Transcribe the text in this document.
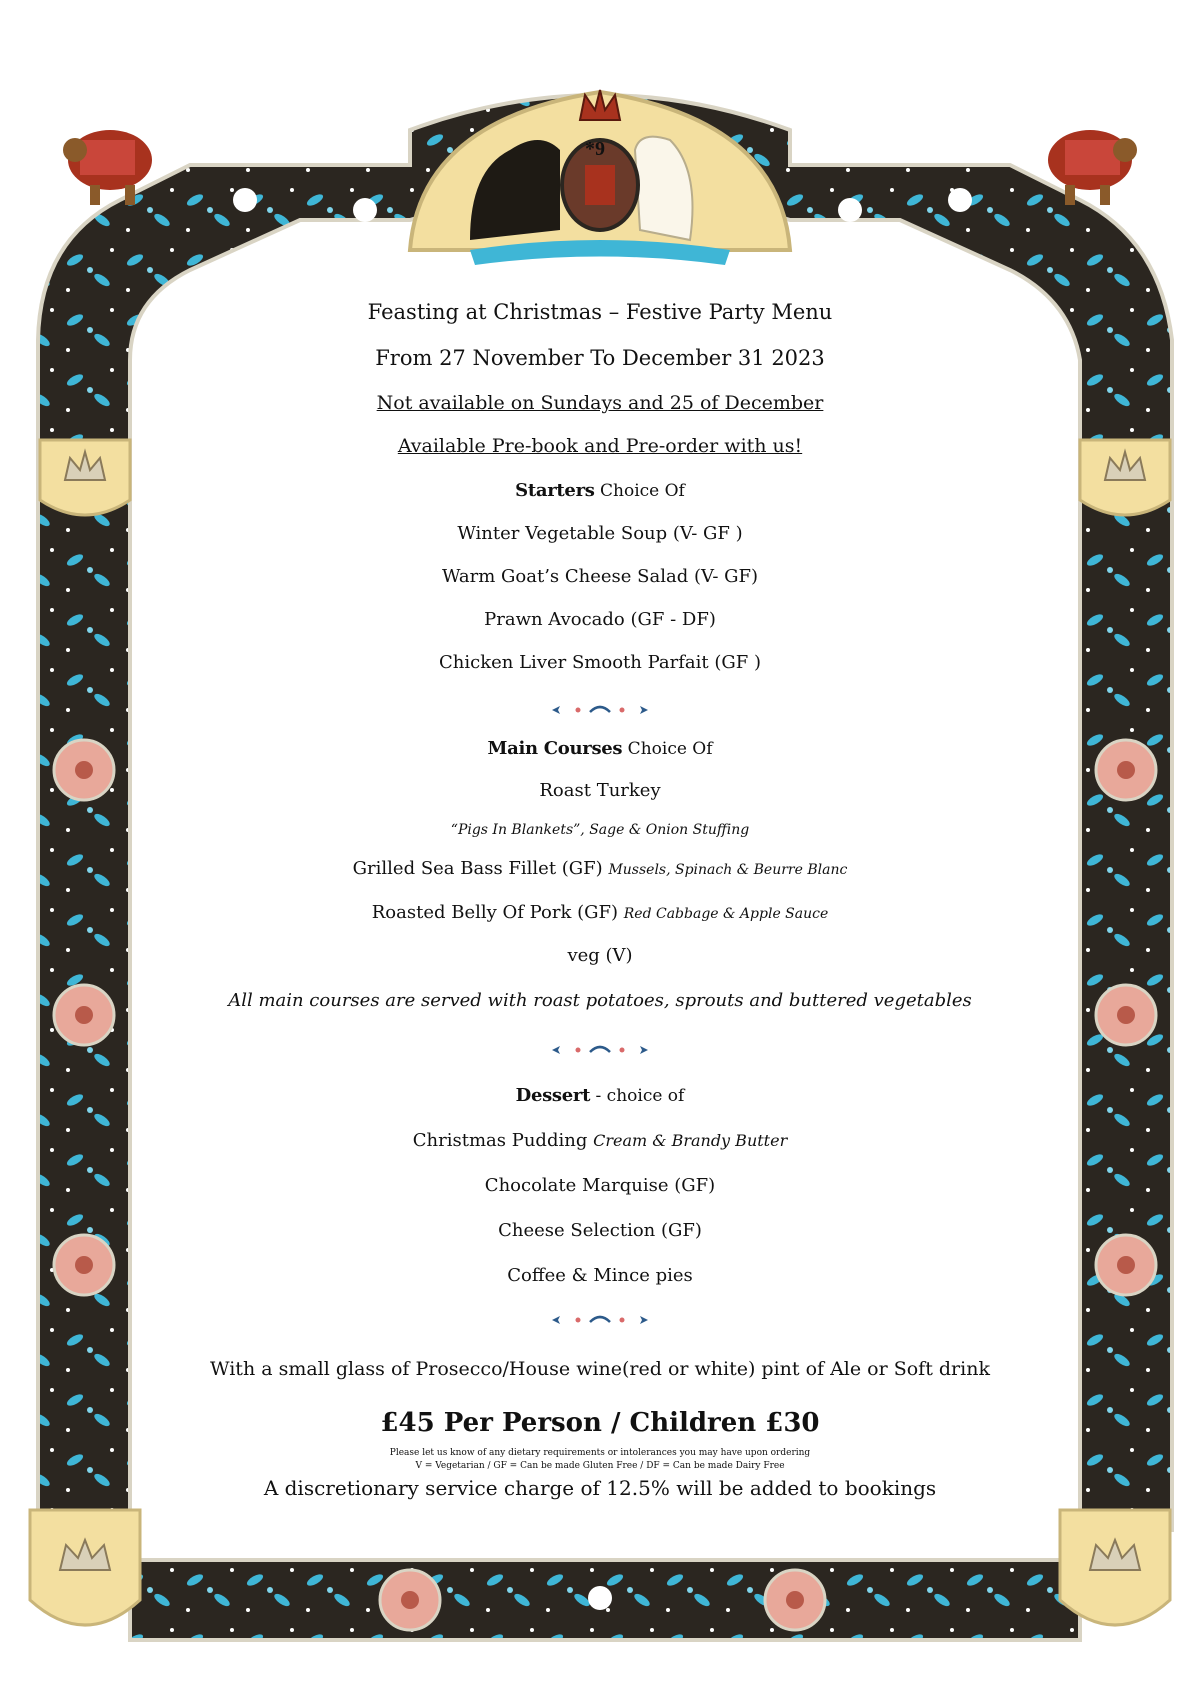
*9
Feasting at Christmas – Festive Party Menu
From 27 November To December 31 2023
Not available on Sundays and 25 of December
Available Pre-book and Pre-order with us!
Starters Choice Of
Winter Vegetable Soup (V- GF )
Warm Goat’s Cheese Salad (V- GF)
Prawn Avocado (GF - DF)
Chicken Liver Smooth Parfait (GF )
Main Courses Choice Of
Roast Turkey
“Pigs In Blankets”, Sage & Onion Stuffing
Grilled Sea Bass Fillet (GF) Mussels, Spinach & Beurre Blanc
Roasted Belly Of Pork (GF) Red Cabbage & Apple Sauce
veg (V)
All main courses are served with roast potatoes, sprouts and buttered vegetables
Dessert - choice of
Christmas Pudding Cream & Brandy Butter
Chocolate Marquise (GF)
Cheese Selection (GF)
Coffee & Mince pies
With a small glass of Prosecco/House wine(red or white) pint of Ale or Soft drink
£45 Per Person / Children £30
Please let us know of any dietary requirements or intolerances you may have upon ordering
V = Vegetarian / GF = Can be made Gluten Free / DF = Can be made Dairy Free
A discretionary service charge of 12.5% will be added to bookings
